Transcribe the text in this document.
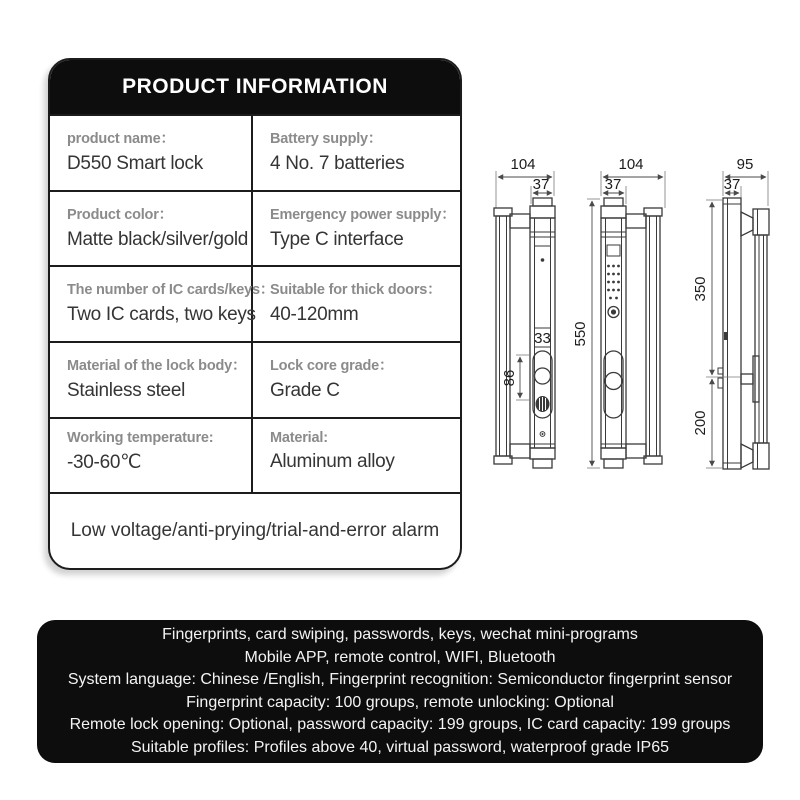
PRODUCT INFORMATION
product name：
D550 Smart lock
Battery supply：
4 No. 7 batteries
Product color：
Matte black/silver/gold
Emergency power supply：
Type C interface
The number of IC cards/keys：
Two IC cards, two keys
Suitable for thick doors：
40-120mm
Material of the lock body：
Stainless steel
Lock core grade：
Grade C
Working temperature:
-30-60℃
Material:
Aluminum alloy
Low voltage/anti-prying/trial-and-error alarm
104
37
33
86
104
37
550
95
37
350
200
Fingerprints, card swiping, passwords, keys, wechat mini-programs
Mobile APP, remote control, WIFI, Bluetooth
System language: Chinese /English, Fingerprint recognition: Semiconductor fingerprint sensor
Fingerprint capacity: 100 groups, remote unlocking: Optional
Remote lock opening: Optional, password capacity: 199 groups, IC card capacity: 199 groups
Suitable profiles: Profiles above 40, virtual password, waterproof grade IP65
